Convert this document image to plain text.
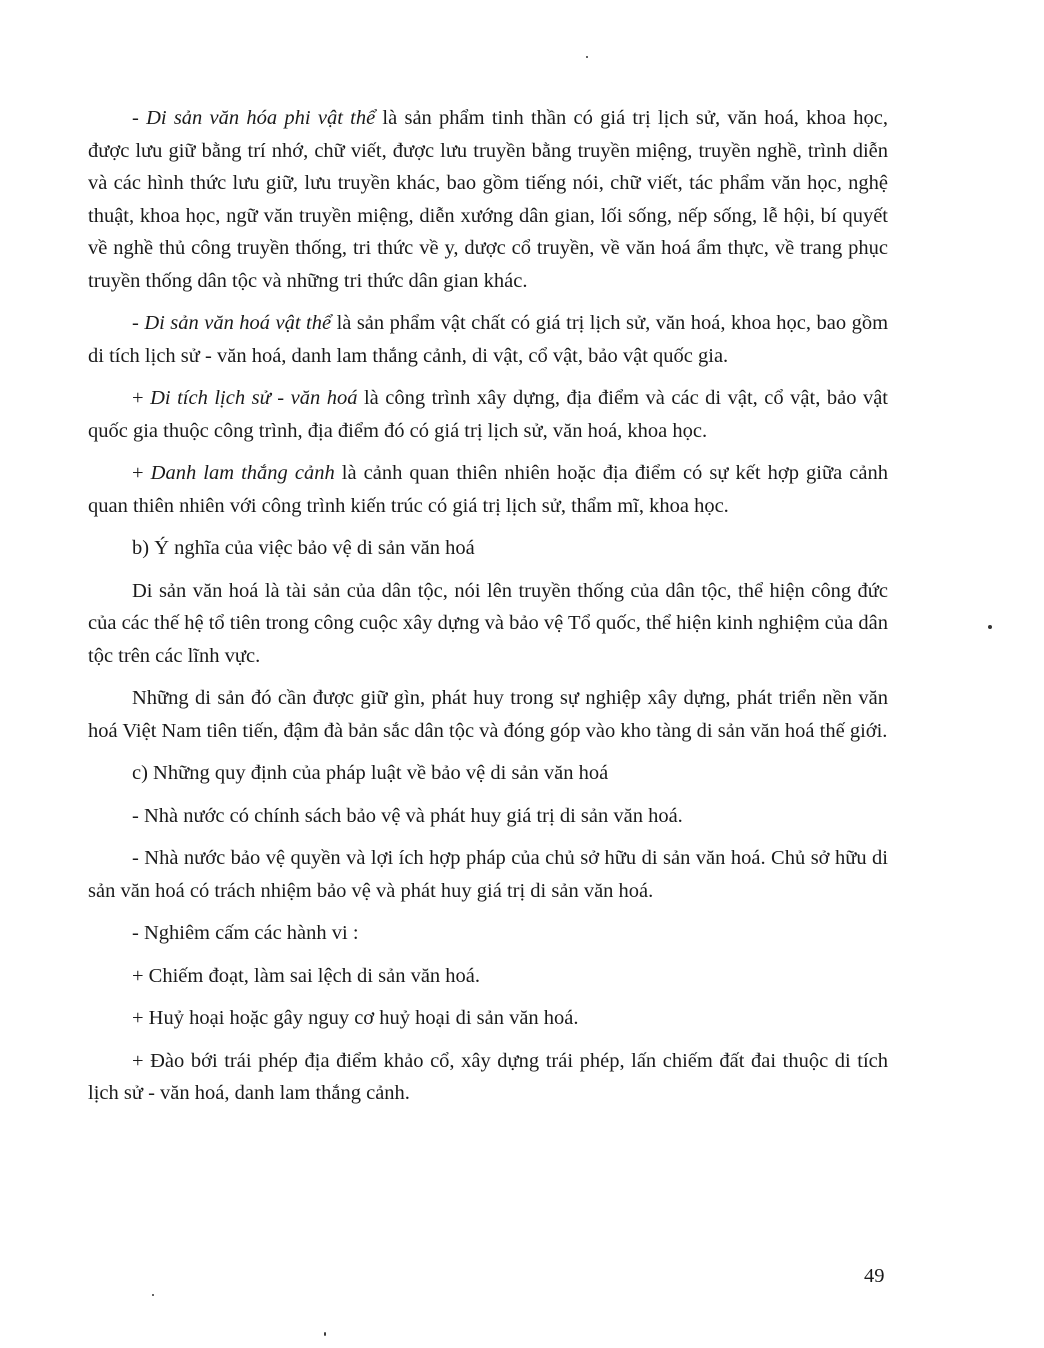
- Di sản văn hóa phi vật thể là sản phẩm tinh thần có giá trị lịch sử, văn hoá, khoa học, được lưu giữ bằng trí nhớ, chữ viết, được lưu truyền bằng truyền miệng, truyền nghề, trình diễn và các hình thức lưu giữ, lưu truyền khác, bao gồm tiếng nói, chữ viết, tác phẩm văn học, nghệ thuật, khoa học, ngữ văn truyền miệng, diễn xướng dân gian, lối sống, nếp sống, lễ hội, bí quyết về nghề thủ công truyền thống, tri thức về y, dược cổ truyền, về văn hoá ẩm thực, về trang phục truyền thống dân tộc và những tri thức dân gian khác.

- Di sản văn hoá vật thể là sản phẩm vật chất có giá trị lịch sử, văn hoá, khoa học, bao gồm di tích lịch sử - văn hoá, danh lam thắng cảnh, di vật, cổ vật, bảo vật quốc gia.

+ Di tích lịch sử - văn hoá là công trình xây dựng, địa điểm và các di vật, cổ vật, bảo vật quốc gia thuộc công trình, địa điểm đó có giá trị lịch sử, văn hoá, khoa học.

+ Danh lam thắng cảnh là cảnh quan thiên nhiên hoặc địa điểm có sự kết hợp giữa cảnh quan thiên nhiên với công trình kiến trúc có giá trị lịch sử, thẩm mĩ, khoa học.

b) Ý nghĩa của việc bảo vệ di sản văn hoá

Di sản văn hoá là tài sản của dân tộc, nói lên truyền thống của dân tộc, thể hiện công đức của các thế hệ tổ tiên trong công cuộc xây dựng và bảo vệ Tổ quốc, thể hiện kinh nghiệm của dân tộc trên các lĩnh vực.

Những di sản đó cần được giữ gìn, phát huy trong sự nghiệp xây dựng, phát triển nền văn hoá Việt Nam tiên tiến, đậm đà bản sắc dân tộc và đóng góp vào kho tàng di sản văn hoá thế giới.

c) Những quy định của pháp luật về bảo vệ di sản văn hoá

- Nhà nước có chính sách bảo vệ và phát huy giá trị di sản văn hoá.

- Nhà nước bảo vệ quyền và lợi ích hợp pháp của chủ sở hữu di sản văn hoá. Chủ sở hữu di sản văn hoá có trách nhiệm bảo vệ và phát huy giá trị di sản văn hoá.

- Nghiêm cấm các hành vi :

+ Chiếm đoạt, làm sai lệch di sản văn hoá.

+ Huỷ hoại hoặc gây nguy cơ huỷ hoại di sản văn hoá.

+ Đào bới trái phép địa điểm khảo cổ, xây dựng trái phép, lấn chiếm đất đai thuộc di tích lịch sử - văn hoá, danh lam thắng cảnh.

49
